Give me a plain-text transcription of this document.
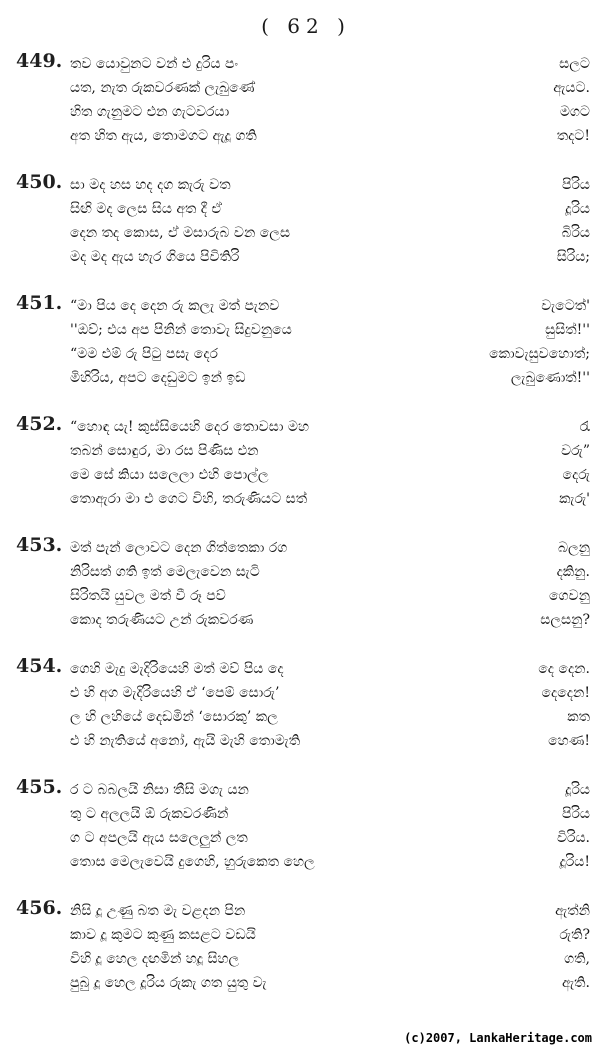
( 62 )
449. තව යොවුනට වන් එ දුරිය පං	සලට
යත, නැත රුකවරණක් ලැබුණේ	ඇයට.
හිත ගැනුමට එන ගැටවරයා	මගට
අත හිත ඇය, තොමගට ඇදූ ගති	තදට!
450. සා මද හස හද දග කැරු වත	පිරිය
සිඟි මද ලෙස සිය අත දී ඒ	දූරිය
දෙන තද කොස, ඒ මසාරුබ වන ලෙස	බිරිය
මද මද ඇය හැර ගියෙ පිවිතිරි	සිරිය;
451. “මා පිය දෙ දෙන රු කලැ මත් පැනව	වැටෙත්'
''ඔව්; එය අප පිනින් තොවැ සිදුවනුයෙ	සුසිත්!''
“මම එම් රු පිටු පසැ දෙර	කොවැසුවහොත්;
මිහිරිය, අපට දෙඩුමට ඉන් ඉඩ	ලැබුණොත්!''
452. “හොඳ යැ! කුස්සියෙහි දෙර තොවසා මහ	රැ
තබන් සොඳුර, මා රස පිණිස එන	වරු”
මෙ සේ කියා සලෙලා එහි පොල්ල	දෙරු
තොඇරා මා එ ගෙට විහි, තරුණියට සත්	කැරු'
453. මත් පැන් ලොවට දෙන ගිත්තෙකා රග	බලනු
නිරිසත් ගති ඉත් මෙලැවෙන සැටි	දකිනු.
සිරිතයි යුවල මත් වී රූ පව්	ගෙවනු
කොද තරුණියට උන් රුකවරණ	සලසනු?
454. ගෙහි මැදු මැදිරියෙහි මත් මව් පිය දෙ	දෙ දෙන.
එ හි අග මැදිරියෙහි ඒ ‘පෙම් සොරු’	දෙදෙන!
ල හි ලහියේ දෙඩමින් ‘සොරකු’ කල	කත
එ හි නැතියේ අනෝ, ඇයි මැහි තොමැති	හෙණ!
455. ර ට බබලයි නිසා තීසි මගැ යන	දූරිය
තු ට අලලයි ඕ රුකවරණින්	පිරිය
ග ට අපලයි ඇය සලෙලුන් ලත	විරිය.
තොස මෙලැවෙයි දුගෙහි, හුරුකෙත හෙල	දූරිය!
456. නිසි දූ උණු බත මැ වළදන පින	ඇත්නි
කාව දූ කුමට කුණු කසළට වඩයි	රුති?
විහි දූ හෙල දඟමින් හදූ සිහල	ගති,
පුබු දූ හෙල දූරිය රුකැ ගත යුතු වැ	ඇති.
(c)2007, LankaHeritage.com
